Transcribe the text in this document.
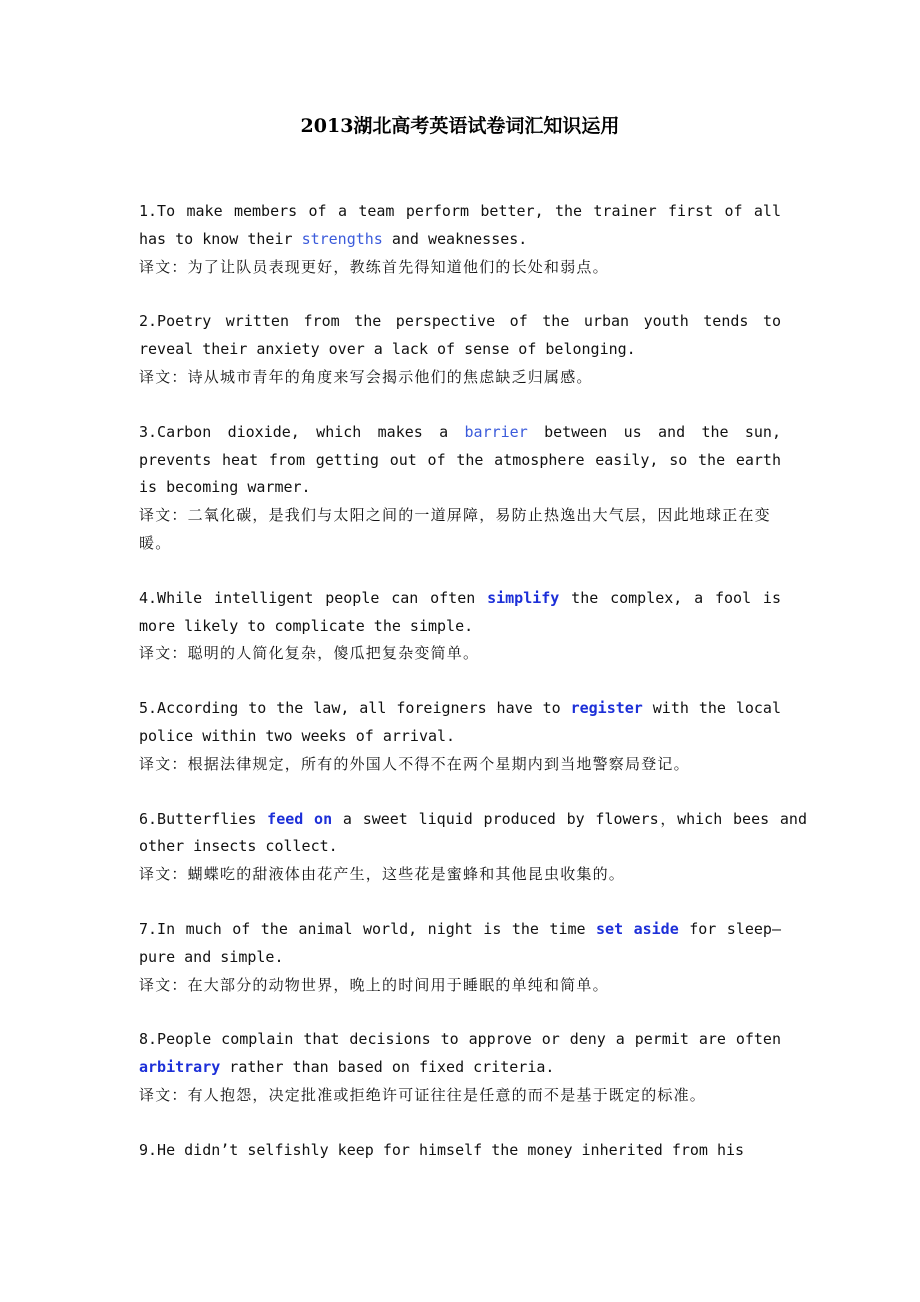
2013湖北高考英语试卷词汇知识运用

1.To make members of a team perform better, the trainer first of all has to know their strengths and weaknesses.

译文：为了让队员表现更好，教练首先得知道他们的长处和弱点。

2.Poetry written from the perspective of the urban youth tends to reveal their anxiety over a lack of sense of belonging.

译文：诗从城市青年的角度来写会揭示他们的焦虑缺乏归属感。

3.Carbon dioxide, which makes a barrier between us and the sun, prevents heat from getting out of the atmosphere easily, so the earth is becoming warmer.

译文：二氧化碳，是我们与太阳之间的一道屏障，易防止热逸出大气层，因此地球正在变暖。

4.While intelligent people can often simplify the complex, a fool is more likely to complicate the simple.

译文：聪明的人简化复杂，傻瓜把复杂变简单。

5.According to the law, all foreigners have to register with the local police within two weeks of arrival.

译文：根据法律规定，所有的外国人不得不在两个星期内到当地警察局登记。

6.Butterflies feed on a sweet liquid produced by flowers，which bees and other insects collect.

译文：蝴蝶吃的甜液体由花产生，这些花是蜜蜂和其他昆虫收集的。

7.In much of the animal world, night is the time set aside for sleep—pure and simple.

译文：在大部分的动物世界，晚上的时间用于睡眠的单纯和简单。

8.People complain that decisions to approve or deny a permit are often arbitrary rather than based on fixed criteria.

译文：有人抱怨，决定批准或拒绝许可证往往是任意的而不是基于既定的标准。

9.He didn’t selfishly keep for himself the money inherited from his
